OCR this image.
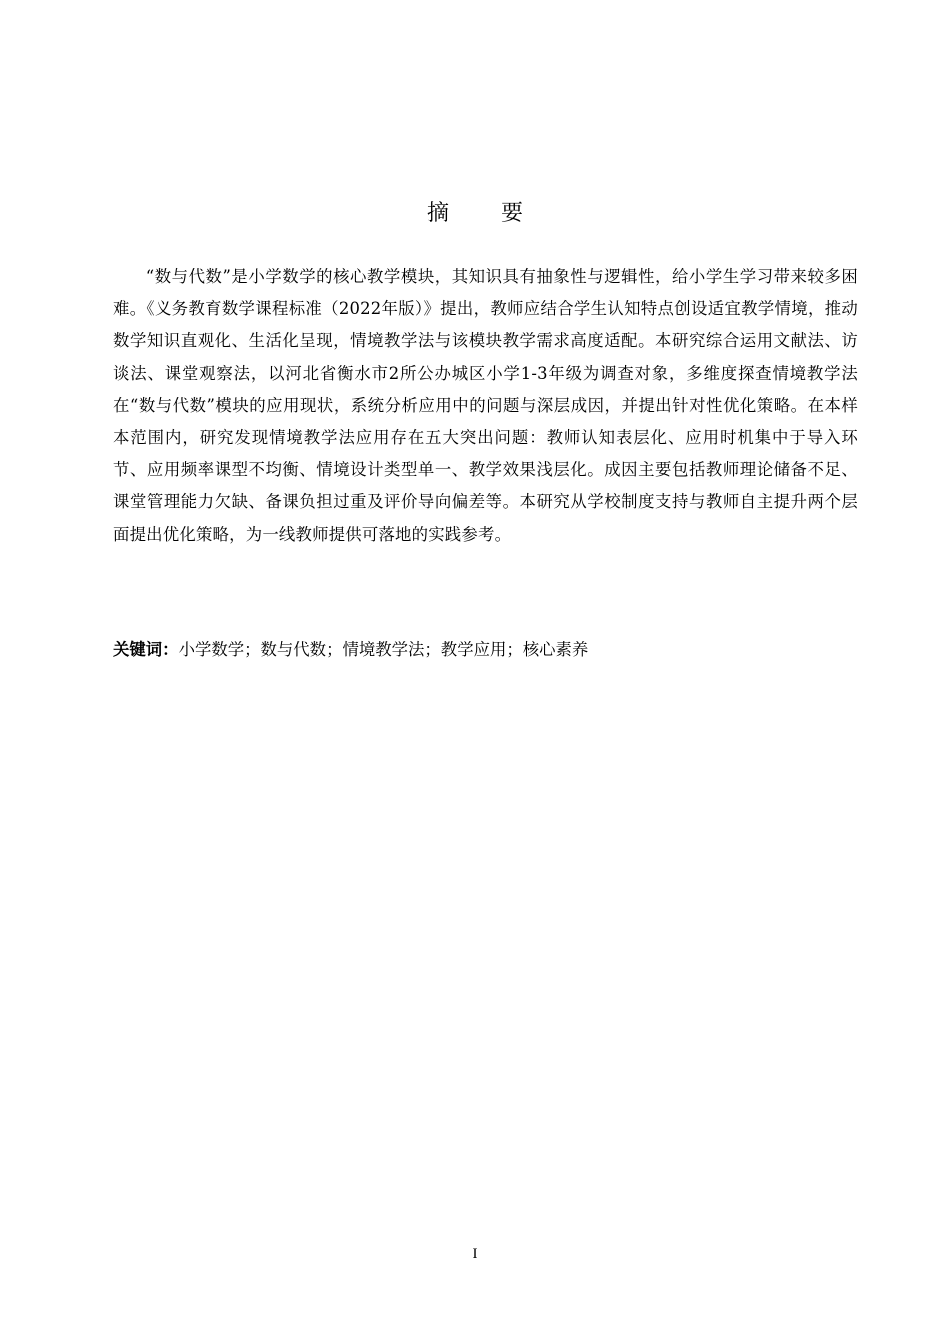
摘 要

“数与代数”是小学数学的核心教学模块，其知识具有抽象性与逻辑性，给小学生学习带来较多困难。《义务教育数学课程标准（2022年版）》提出，教师应结合学生认知特点创设适宜教学情境，推动数学知识直观化、生活化呈现，情境教学法与该模块教学需求高度适配。本研究综合运用文献法、访谈法、课堂观察法，以河北省衡水市2所公办城区小学1-3年级为调查对象，多维度探查情境教学法在“数与代数”模块的应用现状，系统分析应用中的问题与深层成因，并提出针对性优化策略。在本样本范围内，研究发现情境教学法应用存在五大突出问题：教师认知表层化、应用时机集中于导入环节、应用频率课型不均衡、情境设计类型单一、教学效果浅层化。成因主要包括教师理论储备不足、课堂管理能力欠缺、备课负担过重及评价导向偏差等。本研究从学校制度支持与教师自主提升两个层面提出优化策略，为一线教师提供可落地的实践参考。

关键词：小学数学；数与代数；情境教学法；教学应用；核心素养

I
